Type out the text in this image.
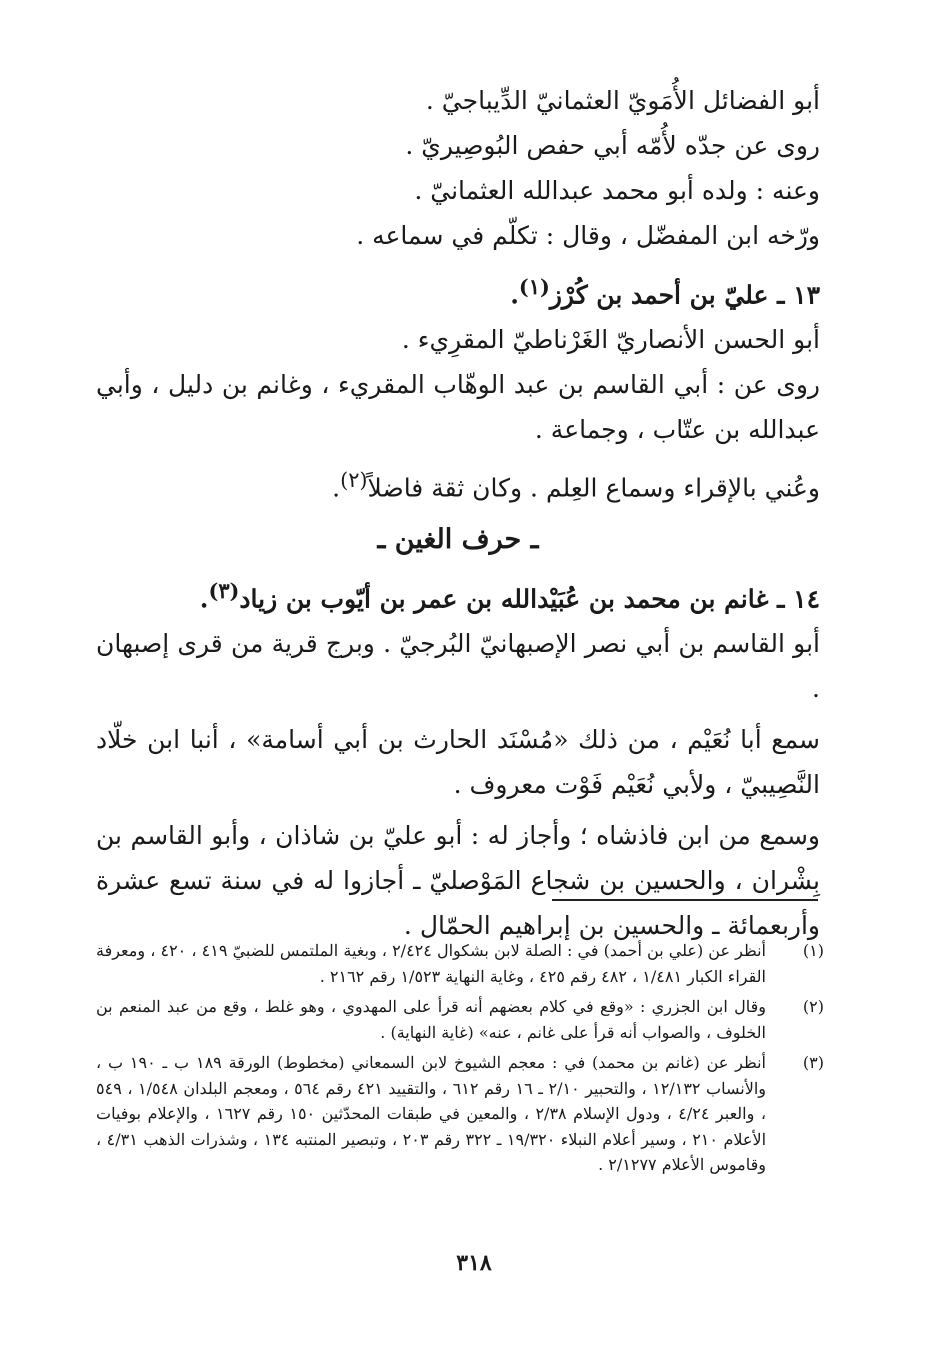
أبو الفضائل الأُمَويّ العثمانيّ الدِّيباجيّ .
روى عن جدّه لأُمّه أبي حفص البُوصِيريّ .
وعنه : ولده أبو محمد عبدالله العثمانيّ .
ورّخه ابن المفضّل ، وقال : تكلّم في سماعه .
١٣ ـ عليّ بن أحمد بن كُرْز$^{(١)}$.
أبو الحسن الأنصاريّ الغَرْناطيّ المقرِيء .
روى عن : أبي القاسم بن عبد الوهّاب المقريء ، وغانم بن دليل ، وأبي عبدالله بن عتّاب ، وجماعة .
وعُني بالإقراء وسماع العِلم . وكان ثقة فاضلاً$^{(٢)}$.
ـ حرف الغين ـ
١٤ ـ غانم بن محمد بن عُبَيْدالله بن عمر بن أيّوب بن زياد$^{(٣)}$.
أبو القاسم بن أبي نصر الإصبهانيّ البُرجيّ . وبرج قرية من قرى إصبهان .
سمع أبا نُعَيْم ، من ذلك «مُسْنَد الحارث بن أبي أسامة» ، أنبا ابن خلّاد النَّصِيبيّ ، ولأبي نُعَيْم فَوْت معروف .
وسمع من ابن فاذشاه ؛ وأجاز له : أبو عليّ بن شاذان ، وأبو القاسم بن بِشْران ، والحسين بن شجاع المَوْصليّ ـ أجازوا له في سنة تسع عشرة وأربعمائة ـ والحسين بن إبراهيم الحمّال .
(١)
أنظر عن (علي بن أحمد) في : الصلة لابن بشكوال ٢/٤٢٤ ، وبغية الملتمس للضبيّ ٤١٩ ، ٤٢٠ ، ومعرفة القراء الكبار ١/٤٨١ ، ٤٨٢ رقم ٤٢٥ ، وغاية النهاية ١/٥٢٣ رقم ٢١٦٢ .
(٢)
وقال ابن الجزري : «وقع في كلام بعضهم أنه قرأ على المهدوي ، وهو غلط ، وقع من عبد المنعم بن الخلوف ، والصواب أنه قرأ على غانم ، عنه» (غاية النهاية) .
(٣)
أنظر عن (غانم بن محمد) في : معجم الشيوخ لابن السمعاني (مخطوط) الورقة ١٨٩ ب ـ ١٩٠ ب ، والأنساب ١٢/١٣٢ ، والتحبير ٢/١٠ ـ ١٦ رقم ٦١٢ ، والتقييد ٤٢١ رقم ٥٦٤ ، ومعجم البلدان ١/٥٤٨ ، ٥٤٩ ، والعبر ٤/٢٤ ، ودول الإسلام ٢/٣٨ ، والمعين في طبقات المحدّثين ١٥٠ رقم ١٦٢٧ ، والإعلام بوفيات الأعلام ٢١٠ ، وسير أعلام النبلاء ١٩/٣٢٠ ـ ٣٢٢ رقم ٢٠٣ ، وتبصير المنتبه ١٣٤ ، وشذرات الذهب ٤/٣١ ، وقاموس الأعلام ٢/١٢٧٧ .
٣١٨
